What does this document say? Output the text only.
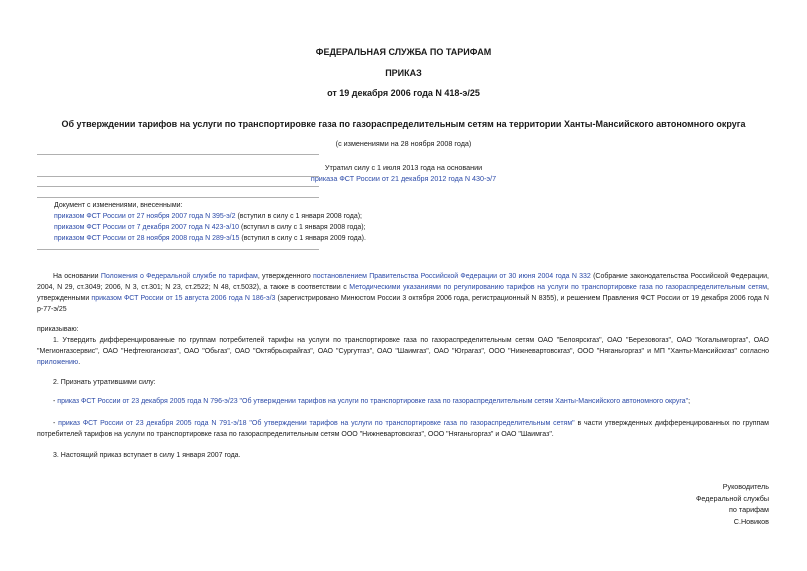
ФЕДЕРАЛЬНАЯ СЛУЖБА ПО ТАРИФАМ
ПРИКАЗ
от 19 декабря 2006 года N 418-э/25
Об утверждении тарифов на услуги по транспортировке газа по газораспределительным сетям на территории Ханты-Мансийского автономного округа
(с изменениями на 28 ноября 2008 года)
Утратил силу с 1 июля 2013 года на основании
приказа ФСТ России от 21 декабря 2012 года N 430-э/7
Документ с изменениями, внесенными:
приказом ФСТ России от 27 ноября 2007 года N 395-э/2 (вступил в силу с 1 января 2008 года);
приказом ФСТ России от 7 декабря 2007 года N 423-э/10 (вступил в силу с 1 января 2008 года);
приказом ФСТ России от 28 ноября 2008 года N 289-э/15 (вступил в силу с 1 января 2009 года).
На основании Положения о Федеральной службе по тарифам, утвержденного постановлением Правительства Российской Федерации от 30 июня 2004 года N 332 (Собрание законодательства Российской Федерации, 2004, N 29, ст.3049; 2006, N 3, ст.301; N 23, ст.2522; N 48, ст.5032), а также в соответствии с Методическими указаниями по регулированию тарифов на услуги по транспортировке газа по газораспределительным сетям, утвержденными приказом ФСТ России от 15 августа 2006 года N 186-э/3 (зарегистрировано Минюстом России 3 октября 2006 года, регистрационный N 8355), и решением Правления ФСТ России от 19 декабря 2006 года N р-77-э/25
приказываю:
1. Утвердить дифференцированные по группам потребителей тарифы на услуги по транспортировке газа по газораспределительным сетям ОАО "Белоярскгаз", ОАО "Березовогаз", ОАО "Когалымгоргаз", ОАО "Мегионгазсервис", ОАО "Нефтеюганскгаз", ОАО "Обьгаз", ОАО "Октябрьскрайгаз", ОАО "Сургутгаз", ОАО "Шаимгаз", ОАО "Юграгаз", ООО "Нижневартовскгаз", ООО "Няганьгоргаз" и МП "Ханты-Мансийскгаз" согласно приложению.
2. Признать утратившими силу:
- приказ ФСТ России от 23 декабря 2005 года N 796-э/23 "Об утверждении тарифов на услуги по транспортировке газа по газораспределительным сетям Ханты-Мансийского автономного округа";
- приказ ФСТ России от 23 декабря 2005 года N 791-э/18 "Об утверждении тарифов на услуги по транспортировке газа по газораспределительным сетям" в части утвержденных дифференцированных по группам потребителей тарифов на услуги по транспортировке газа по газораспределительным сетям ООО "Нижневартовскгаз", ООО "Няганьгоргаз" и ОАО "Шаимгаз".
3. Настоящий приказ вступает в силу 1 января 2007 года.
Руководитель
Федеральной службы
по тарифам
С.Новиков
